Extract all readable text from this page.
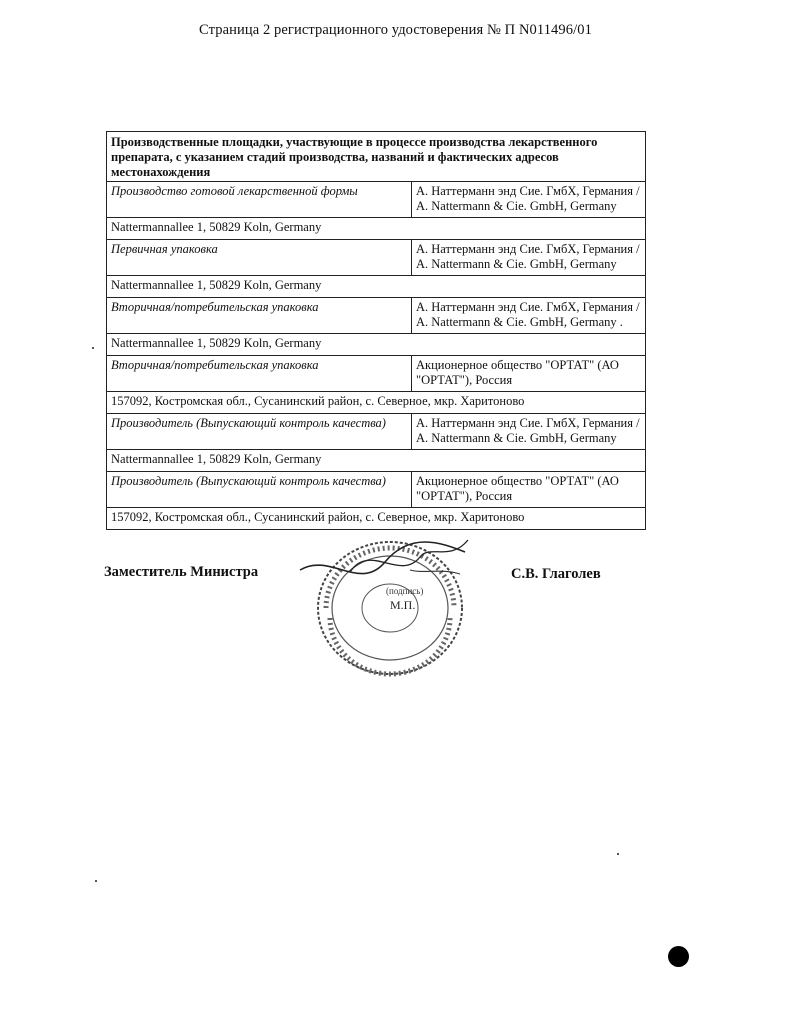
Страница 2 регистрационного удостоверения № П N011496/01
Производственные площадки, участвующие в процессе производства лекарственного препарата, с указанием стадий производства, названий и фактических адресов местонахождения	
Производство готовой лекарственной формы	А. Наттерманн энд Сие. ГмбХ, Германия / A. Nattermann & Cie. GmbH, Germany
Nattermannallee 1, 50829 Koln, Germany	
Первичная упаковка	А. Наттерманн энд Сие. ГмбХ, Германия / A. Nattermann & Cie. GmbH, Germany
Nattermannallee 1, 50829 Koln, Germany	
Вторичная/потребительская упаковка	А. Наттерманн энд Сие. ГмбХ, Германия / A. Nattermann & Cie. GmbH, Germany .
Nattermannallee 1, 50829 Koln, Germany	
Вторичная/потребительская упаковка	Акционерное общество "ОРТАТ" (АО "ОРТАТ"), Россия
157092, Костромская обл., Сусанинский район, с. Северное, мкр. Харитоново	
Производитель (Выпускающий контроль качества)	А. Наттерманн энд Сие. ГмбХ, Германия / A. Nattermann & Cie. GmbH, Germany
Nattermannallee 1, 50829 Koln, Germany	
Производитель (Выпускающий контроль качества)	Акционерное общество "ОРТАТ" (АО "ОРТАТ"), Россия
157092, Костромская обл., Сусанинский район, с. Северное, мкр. Харитоново	
Заместитель Министра	С.В. Глаголев
(подпись)
М.П.
